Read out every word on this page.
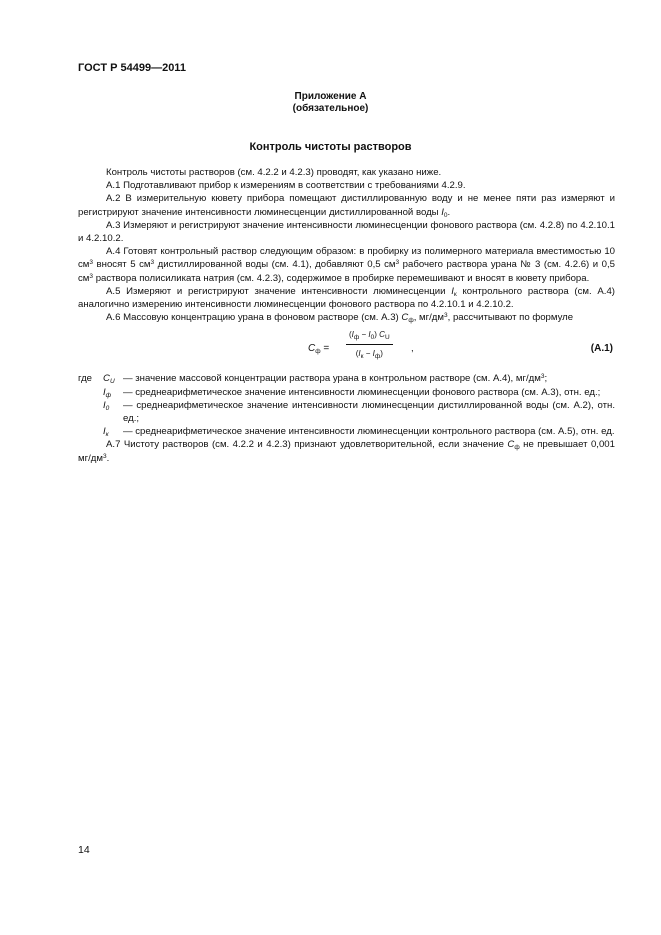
ГОСТ Р 54499—2011
Приложение А
(обязательное)
Контроль чистоты растворов

Контроль чистоты растворов (см. 4.2.2 и 4.2.3) проводят, как указано ниже.

А.1 Подготавливают прибор к измерениям в соответствии с требованиями 4.2.9.

А.2 В измерительную кювету прибора помещают дистиллированную воду и не менее пяти раз измеряют и регистрируют значение интенсивности люминесценции дистиллированной воды $I_0$.

А.3 Измеряют и регистрируют значение интенсивности люминесценции фонового раствора (см. 4.2.8) по 4.2.10.1 и 4.2.10.2.

А.4 Готовят контрольный раствор следующим образом: в пробирку из полимерного материала вместимостью 10 $см^3$ вносят 5 $см^3$ дистиллированной воды (см. 4.1), добавляют 0,5 $см^3$ рабочего раствора урана № 3 (см. 4.2.6) и 0,5 $см^3$ раствора полисиликата натрия (см. 4.2.3), содержимое в пробирке перемешивают и вносят в кювету прибора.

А.5 Измеряют и регистрируют значение интенсивности люминесценции $I_к$ контрольного раствора (см. А.4) аналогично измерению интенсивности люминесценции фонового раствора по 4.2.10.1 и 4.2.10.2.

А.6 Массовую концентрацию урана в фоновом растворе (см. А.3) $C_ф$, $мг/дм^3$, рассчитывают по формуле

$C_ф$ =
$(I_ф - I_0)$ $C_U$
$(I_к - I_ф)$	,	(А.1)
где	$C_U$ — значение массовой концентрации раствора урана в контрольном растворе (см. А.4), $мг/дм^3$;
$I_ф$	— среднеарифметическое значение интенсивности люминесценции фонового раствора (см. А.3), отн. ед.;
$I_0$	— среднеарифметическое значение интенсивности люминесценции дистиллированной воды (см. А.2), отн. ед.;
$I_к$	— среднеарифметическое значение интенсивности люминесценции контрольного раствора (см. А.5), отн. ед.

А.7 Чистоту растворов (см. 4.2.2 и 4.2.3) признают удовлетворительной, если значение $C_ф$ не превышает 0,001 $мг/дм^3$.

14
